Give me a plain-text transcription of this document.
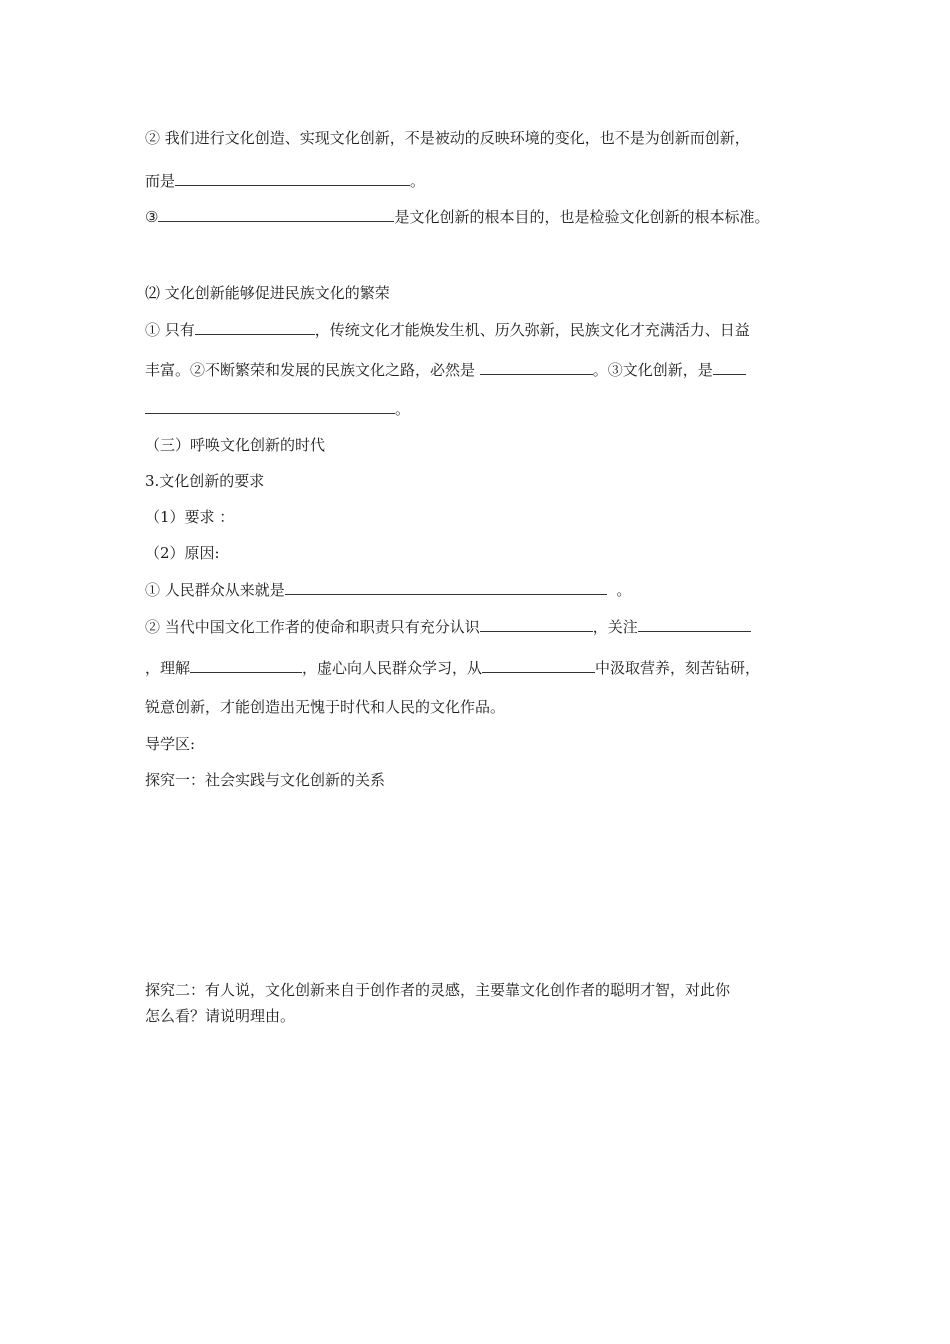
② 我们进行文化创造、实现文化创新，不是被动的反映环境的变化，也不是为创新而创新，
而是	。
③	是文化创新的根本目的，也是检验文化创新的根本标准。
⑵ 文化创新能够促进民族文化的繁荣
① 只有	，传统文化才能焕发生机、历久弥新，民族文化才充满活力、日益
丰富。②不断繁荣和发展的民族文化之路，必然是	。③文化创新，是
。
（三）呼唤文化创新的时代
3.文化创新的要求
（1）要求 ：
（2）原因:
① 人民群众从来就是	。
② 当代中国文化工作者的使命和职责只有充分认识	，关注
，理解	，虚心向人民群众学习，从	中汲取营养，刻苦钻研，
锐意创新，才能创造出无愧于时代和人民的文化作品。
导学区:
探究一：社会实践与文化创新的关系
探究二：有人说，文化创新来自于创作者的灵感，主要靠文化创作者的聪明才智，对此你
怎么看？请说明理由。
